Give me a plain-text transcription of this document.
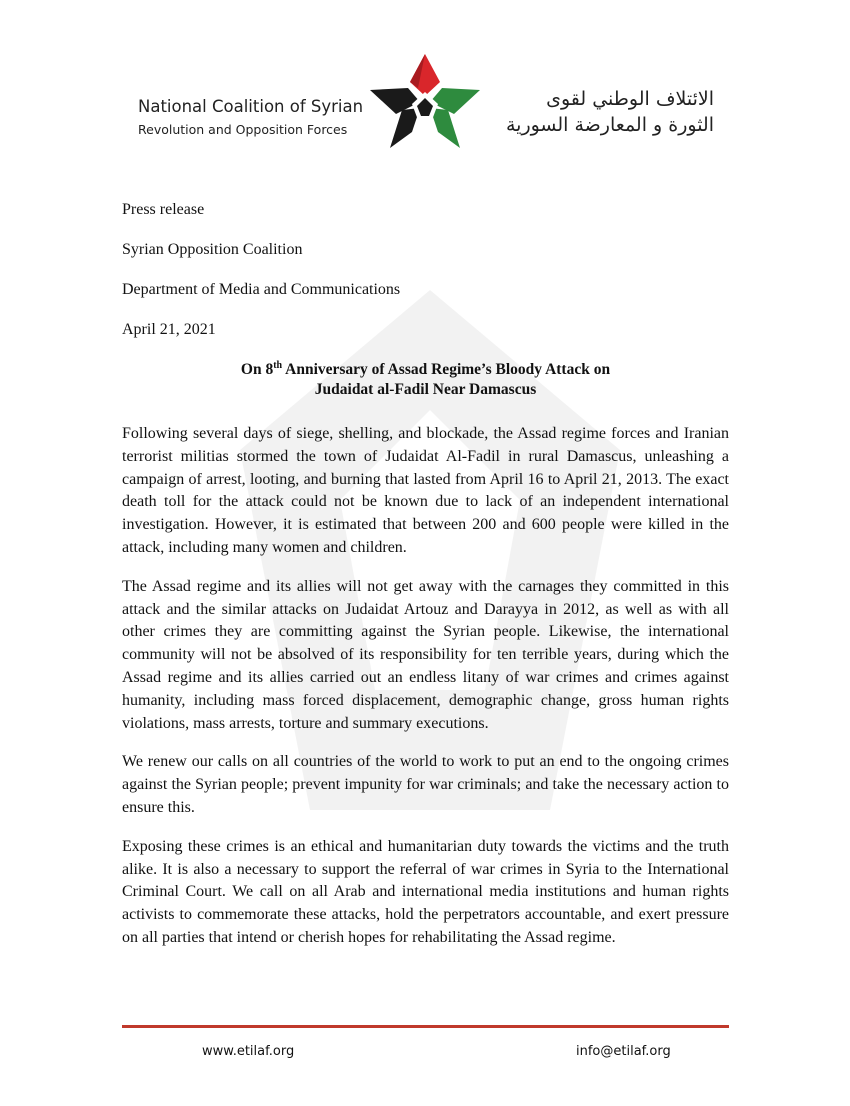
National Coalition of Syrian
Revolution and Opposition Forces
الائتلاف الوطني لقوى
الثورة و المعارضة السورية
Press release
Syrian Opposition Coalition
Department of Media and Communications
April 21, 2021
On 8th Anniversary of Assad Regime’s Bloody Attack on
Judaidat al-Fadil Near Damascus

Following several days of siege, shelling, and blockade, the Assad regime forces and Iranian terrorist militias stormed the town of Judaidat Al-Fadil in rural Damascus, unleashing a campaign of arrest, looting, and burning that lasted from April 16 to April 21, 2013. The exact death toll for the attack could not be known due to lack of an independent international investigation. However, it is estimated that between 200 and 600 people were killed in the attack, including many women and children.

The Assad regime and its allies will not get away with the carnages they committed in this attack and the similar attacks on Judaidat Artouz and Darayya in 2012, as well as with all other crimes they are committing against the Syrian people. Likewise, the international community will not be absolved of its responsibility for ten terrible years, during which the Assad regime and its allies carried out an endless litany of war crimes and crimes against humanity, including mass forced displacement, demographic change, gross human rights violations, mass arrests, torture and summary executions.

We renew our calls on all countries of the world to work to put an end to the ongoing crimes against the Syrian people; prevent impunity for war criminals; and take the necessary action to ensure this.

Exposing these crimes is an ethical and humanitarian duty towards the victims and the truth alike. It is also a necessary to support the referral of war crimes in Syria to the International Criminal Court. We call on all Arab and international media institutions and human rights activists to commemorate these attacks, hold the perpetrators accountable, and exert pressure on all parties that intend or cherish hopes for rehabilitating the Assad regime.

www.etilaf.org	info@etilaf.org
